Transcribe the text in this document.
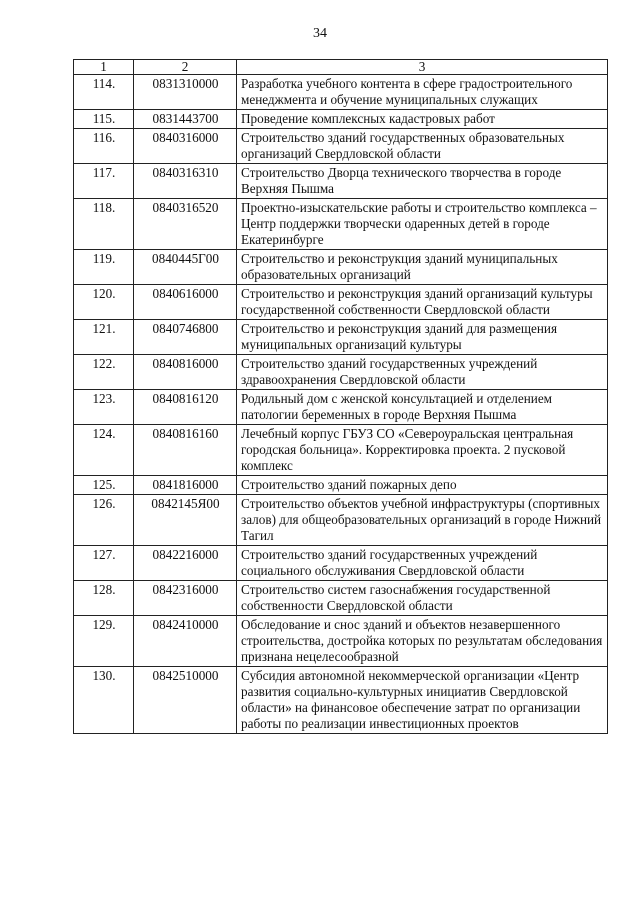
34
1	2	3
114.	0831310000	Разработка учебного контента в сфере градостроительного менеджмента и обучение муниципальных служащих
115.	0831443700	Проведение комплексных кадастровых работ
116.	0840316000	Строительство зданий государственных образовательных организаций Свердловской области
117.	0840316310	Строительство Дворца технического творчества в городе Верхняя Пышма
118.	0840316520	Проектно-изыскательские работы и строительство комплекса – Центр поддержки творчески одаренных детей в городе Екатеринбурге
119.	0840445Г00	Строительство и реконструкция зданий муниципальных образовательных организаций
120.	0840616000	Строительство и реконструкция зданий организаций культуры государственной собственности Свердловской области
121.	0840746800	Строительство и реконструкция зданий для размещения муниципальных организаций культуры
122.	0840816000	Строительство зданий государственных учреждений здравоохранения Свердловской области
123.	0840816120	Родильный дом с женской консультацией и отделением патологии беременных в городе Верхняя Пышма
124.	0840816160	Лечебный корпус ГБУЗ СО «Североуральская центральная городская больница». Корректировка проекта. 2 пусковой комплекс
125.	0841816000	Строительство зданий пожарных депо
126.	0842145Я00	Строительство объектов учебной инфраструктуры (спортивных залов) для общеобразовательных организаций в городе Нижний Тагил
127.	0842216000	Строительство зданий государственных учреждений социального обслуживания Свердловской области
128.	0842316000	Строительство систем газоснабжения государственной собственности Свердловской области
129.	0842410000	Обследование и снос зданий и объектов незавершенного строительства, достройка которых по результатам обследования признана нецелесообразной
130.	0842510000	Субсидия автономной некоммерческой организации «Центр развития социально-культурных инициатив Свердловской области» на финансовое обеспечение затрат по организации работы по реализации инвестиционных проектов
